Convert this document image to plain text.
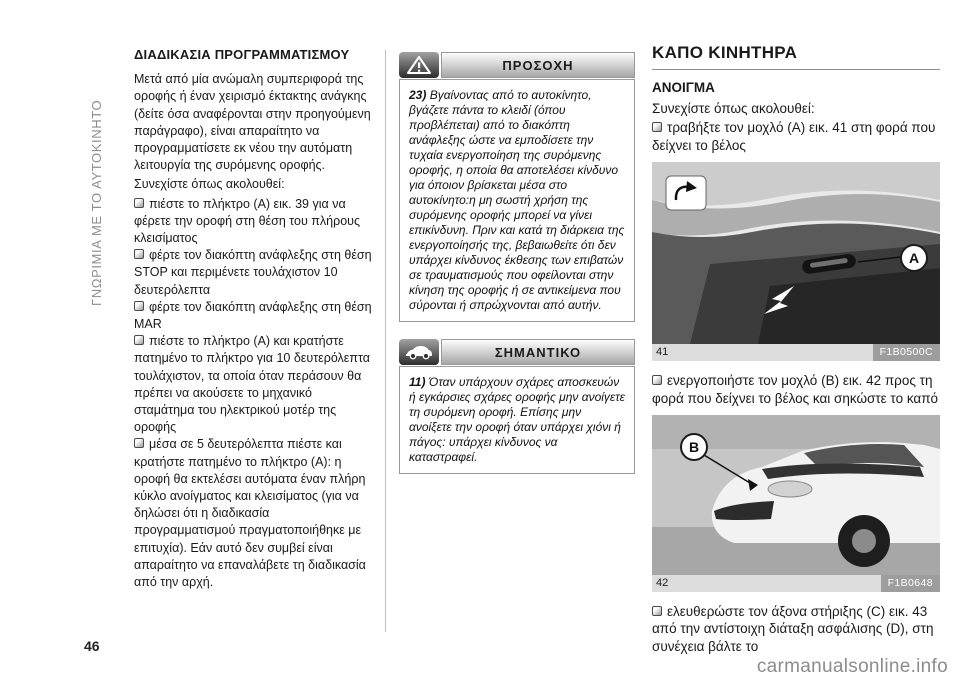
ΓΝΩΡΙΜΙΑ ΜΕ ΤΟ ΑΥΤΟΚΙΝΗΤΟ
46
ΔΙΑΔΙΚΑΣΙΑ ΠΡΟΓΡΑΜΜΑΤΙΣΜΟΥ

Μετά από μία ανώμαλη συμπεριφορά της οροφής ή έναν χειρισμό έκτακτης ανάγκης (δείτε όσα αναφέρονται στην προηγούμενη παράγραφο), είναι απαραίτητο να προγραμματίσετε εκ νέου την αυτόματη λειτουργία της συρόμενης οροφής.

Συνεχίστε όπως ακολουθεί:

πιέστε το πλήκτρο (Α) εικ. 39 για να φέρετε την οροφή στη θέση του πλήρους κλεισίματος

φέρτε τον διακόπτη ανάφλεξης στη θέση STOP και περιμένετε τουλάχιστον 10 δευτερόλεπτα

φέρτε τον διακόπτη ανάφλεξης στη θέση MAR

πιέστε το πλήκτρο (Α) και κρατήστε πατημένο το πλήκτρο για 10 δευτερόλεπτα τουλάχιστον, τα οποία όταν περάσουν θα πρέπει να ακούσετε το μηχανικό σταμάτημα του ηλεκτρικού μοτέρ της οροφής

μέσα σε 5 δευτερόλεπτα πιέστε και κρατήστε πατημένο το πλήκτρο (Α): η οροφή θα εκτελέσει αυτόματα έναν πλήρη κύκλο ανοίγματος και κλεισίματος (για να δηλώσει ότι η διαδικασία προγραμματισμού πραγματοποιήθηκε με επιτυχία). Εάν αυτό δεν συμβεί είναι απαραίτητο να επαναλάβετε τη διαδικασία από την αρχή.

ΠΡΟΣΟΧΗ
23) Βγαίνοντας από το αυτοκίνητο, βγάζετε πάντα το κλειδί (όπου προβλέπεται) από το διακόπτη ανάφλεξης ώστε να εμποδίσετε την τυχαία ενεργοποίηση της συρόμενης οροφής, η οποία θα αποτελέσει κίνδυνο για όποιον βρίσκεται μέσα στο αυτοκίνητο:η μη σωστή χρήση της συρόμενης οροφής μπορεί να γίνει επικίνδυνη. Πριν και κατά τη διάρκεια της ενεργοποίησής της, βεβαιωθείτε ότι δεν υπάρχει κίνδυνος έκθεσης των επιβατών σε τραυματισμούς που οφείλονται στην κίνηση της οροφής ή σε αντικείμενα που σύρονται ή σπρώχνονται από αυτήν.
ΣΗΜΑΝΤΙΚΟ
11) Όταν υπάρχουν σχάρες αποσκευών ή εγκάρσιες σχάρες οροφής μην ανοίγετε τη συρόμενη οροφή. Επίσης μην ανοίξετε την οροφή όταν υπάρχει χιόνι ή πάγος: υπάρχει κίνδυνος να καταστραφεί.
ΚΑΠΟ ΚΙΝΗΤΗΡΑ
ΑΝΟΙΓΜΑ

Συνεχίστε όπως ακολουθεί:

τραβήξτε τον μοχλό (Α) εικ. 41 στη φορά που δείχνει το βέλος

A
41	F1B0500C

ενεργοποιήστε τον μοχλό (Β) εικ. 42 προς τη φορά που δείχνει το βέλος και σηκώστε το καπό

B
42	F1B0648

ελευθερώστε τον άξονα στήριξης (C) εικ. 43 από την αντίστοιχη διάταξη ασφάλισης (D), στη συνέχεια βάλτε το

carmanualsonline.info
